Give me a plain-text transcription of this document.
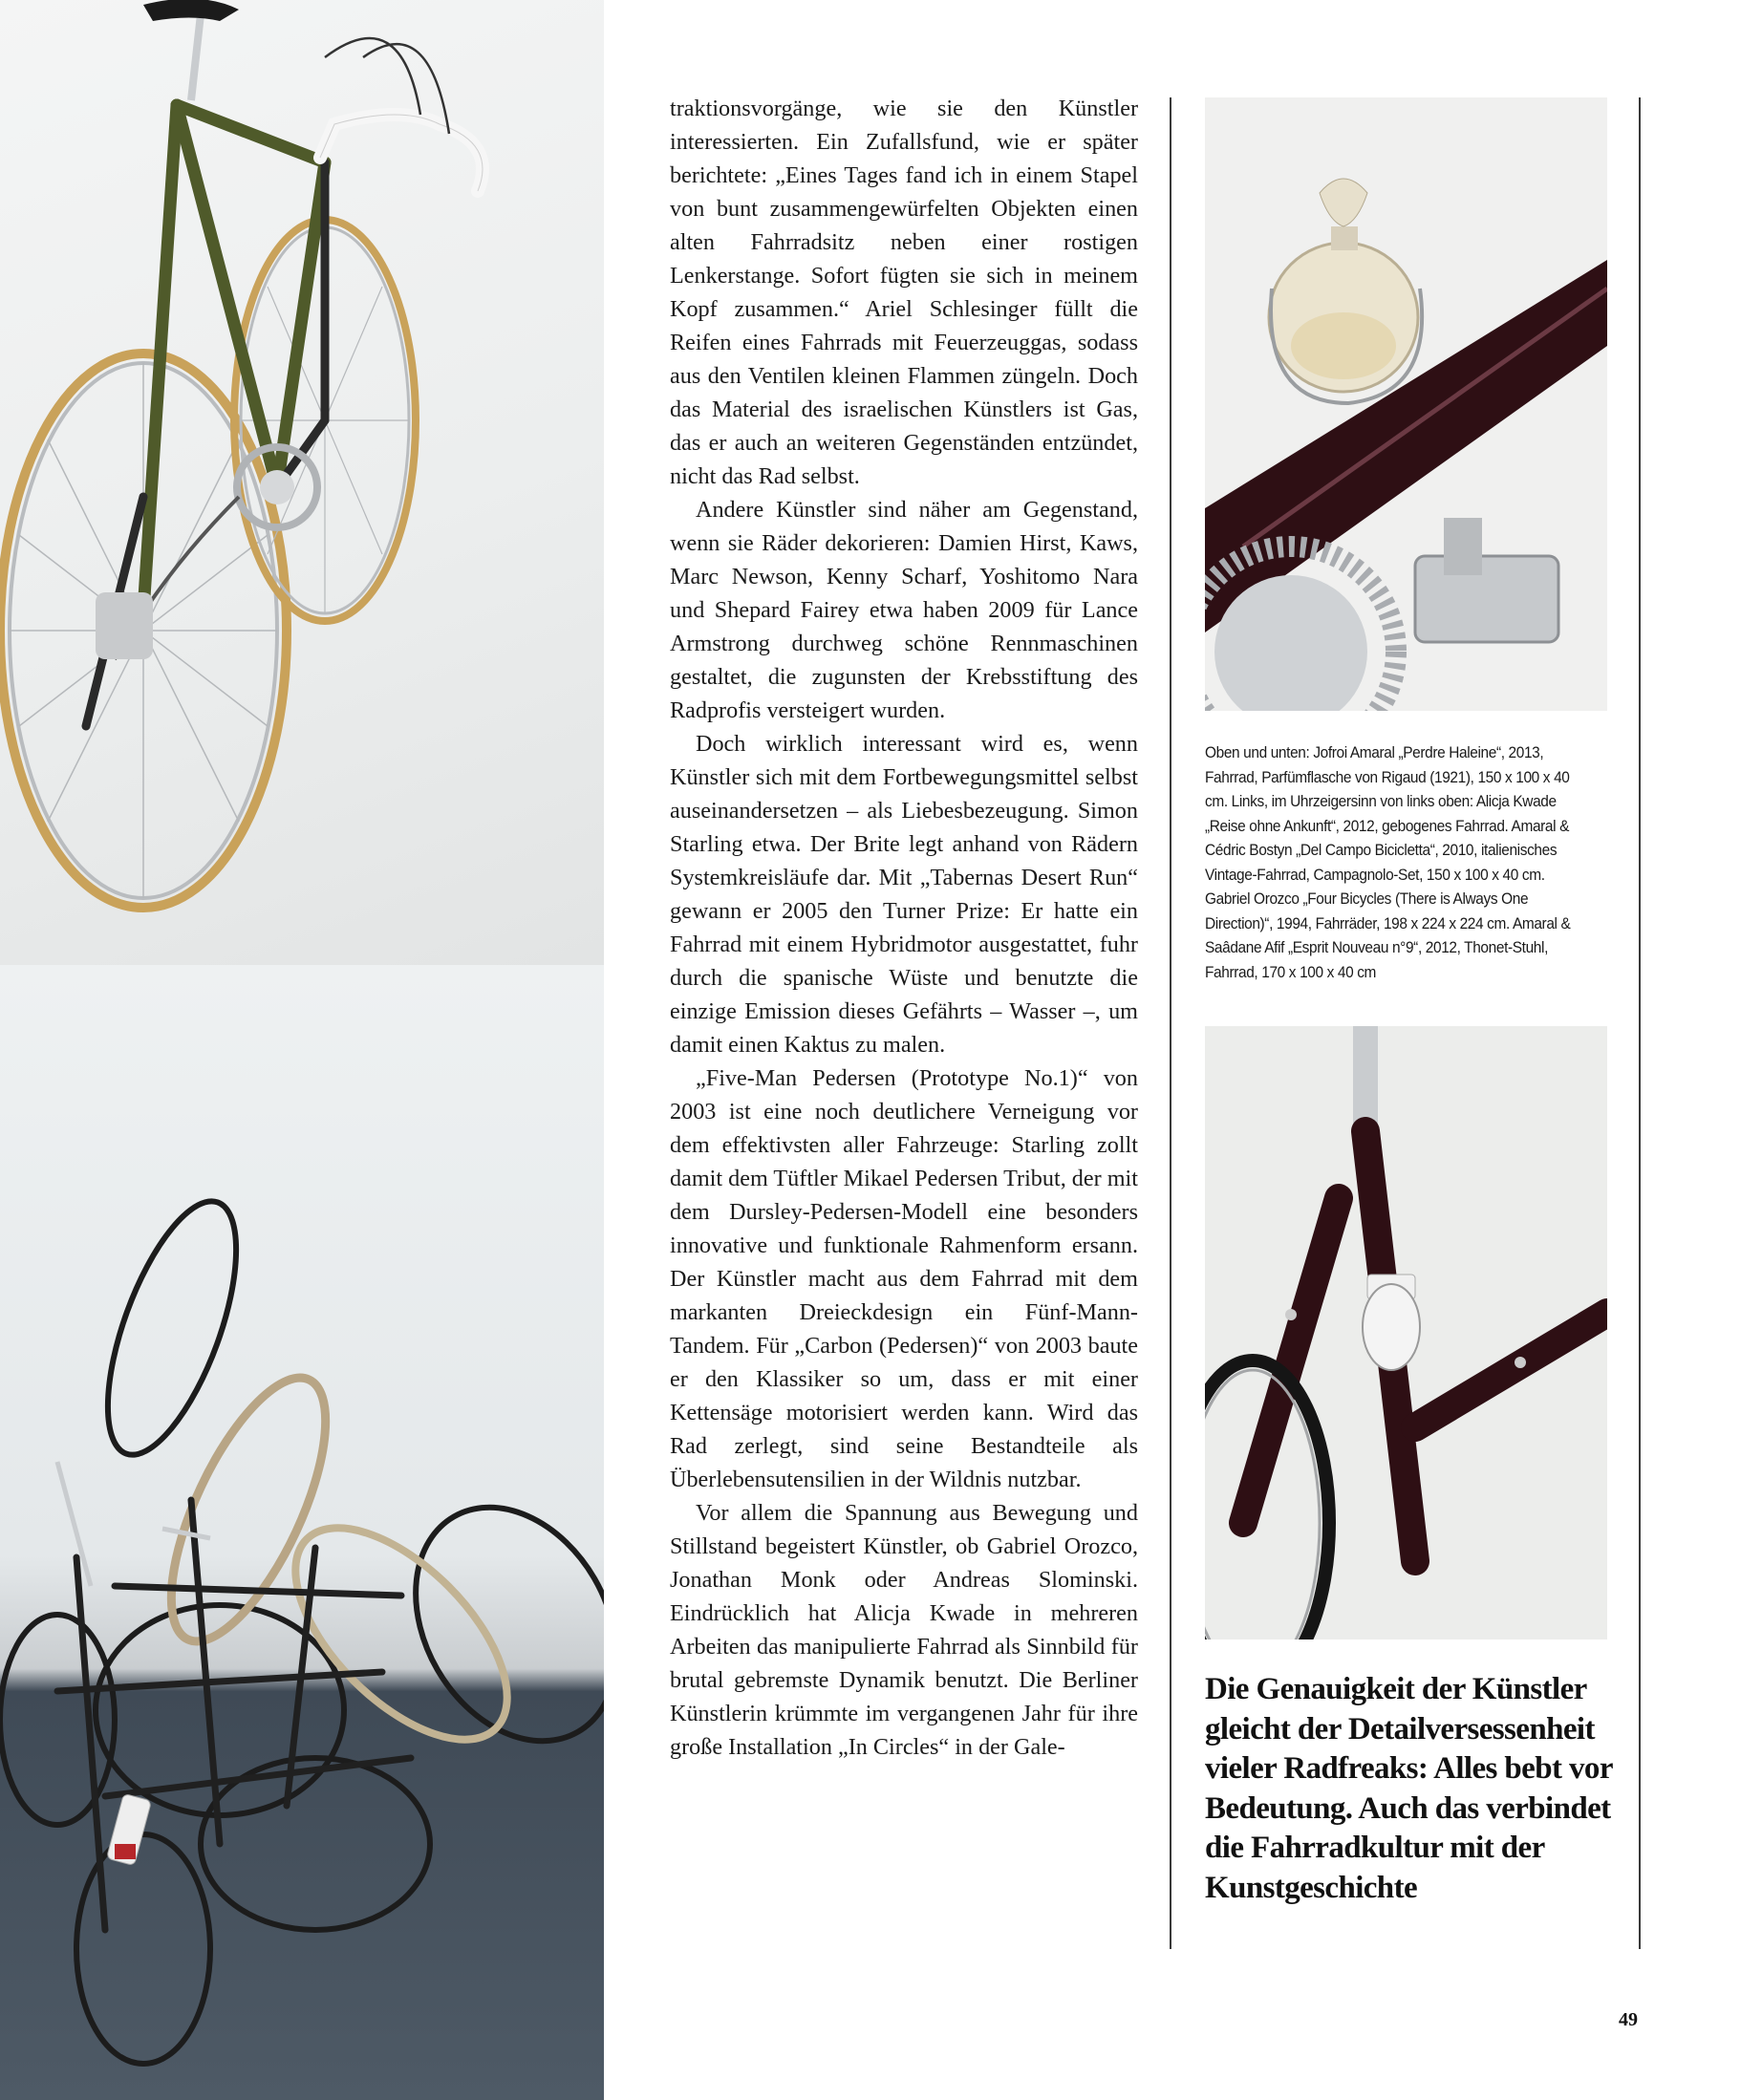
traktionsvorgänge, wie sie den Künstler interessierten. Ein Zufallsfund, wie er später berichtete: „Eines Tages fand ich in einem Stapel von bunt zusammengewürfelten Objekten einen alten Fahrradsitz neben einer rostigen Lenkerstange. Sofort fügten sie sich in meinem Kopf zusammen.“ Ariel Schlesinger füllt die Reifen eines Fahrrads mit Feuerzeuggas, sodass aus den Ventilen kleinen Flammen züngeln. Doch das Material des israelischen Künstlers ist Gas, das er auch an weiteren Gegenständen entzündet, nicht das Rad selbst.

Andere Künstler sind näher am Gegenstand, wenn sie Räder dekorieren: Damien Hirst, Kaws, Marc Newson, Kenny Scharf, Yoshitomo Nara und Shepard Fairey etwa haben 2009 für Lance Armstrong durchweg schöne Rennmaschinen gestaltet, die zugunsten der Krebsstiftung des Radprofis versteigert wurden.

Doch wirklich interessant wird es, wenn Künstler sich mit dem Fortbewegungsmittel selbst auseinandersetzen – als Liebesbezeugung. Simon Starling etwa. Der Brite legt anhand von Rädern Systemkreisläufe dar. Mit „Tabernas Desert Run“ gewann er 2005 den Turner Prize: Er hatte ein Fahrrad mit einem Hybridmotor ausgestattet, fuhr durch die spanische Wüste und benutzte die einzige Emission dieses Gefährts – Wasser –, um damit einen Kaktus zu malen.

„Five-Man Pedersen (Prototype No.1)“ von 2003 ist eine noch deutlichere Verneigung vor dem effektivsten aller Fahrzeuge: Starling zollt damit dem Tüftler Mikael Pedersen Tribut, der mit dem Dursley-Pedersen-Modell eine besonders innovative und funktionale Rahmenform ersann. Der Künstler macht aus dem Fahrrad mit dem markanten Dreieckdesign ein Fünf-Mann-Tandem. Für „Carbon (Pedersen)“ von 2003 baute er den Klassiker so um, dass er mit einer Kettensäge motorisiert werden kann. Wird das Rad zerlegt, sind seine Bestandteile als Überlebensutensilien in der Wildnis nutzbar.

Vor allem die Spannung aus Bewegung und Stillstand begeistert Künstler, ob Gabriel Orozco, Jonathan Monk oder Andreas Slominski. Eindrücklich hat Alicja Kwade in mehreren Arbeiten das manipulierte Fahrrad als Sinnbild für brutal gebremste Dynamik benutzt. Die Berliner Künstlerin krümmte im vergangenen Jahr für ihre große Installation „In Circles“ in der Gale-

Oben und unten: Jofroi Amaral „Perdre Haleine“, 2013, Fahrrad, Parfümflasche von Rigaud (1921), 150 x 100 x 40 cm. Links, im Uhrzeigersinn von links oben: Alicja Kwade „Reise ohne Ankunft“, 2012, gebogenes Fahrrad. Amaral & Cédric Bostyn „Del Campo Bicicletta“, 2010, italienisches Vintage-Fahrrad, Campagnolo-Set, 150 x 100 x 40 cm. Gabriel Orozco „Four Bicycles (There is Always One Direction)“, 1994, Fahrräder, 198 x 224 x 224 cm. Amaral & Saâdane Afif „Esprit Nouveau n°9“, 2012, Thonet-Stuhl, Fahrrad, 170 x 100 x 40 cm
Die Genauigkeit der Künstler gleicht der Detailversessenheit vieler Radfreaks: Alles bebt vor Bedeutung. Auch das verbindet die Fahrradkultur mit der Kunstgeschichte
49
